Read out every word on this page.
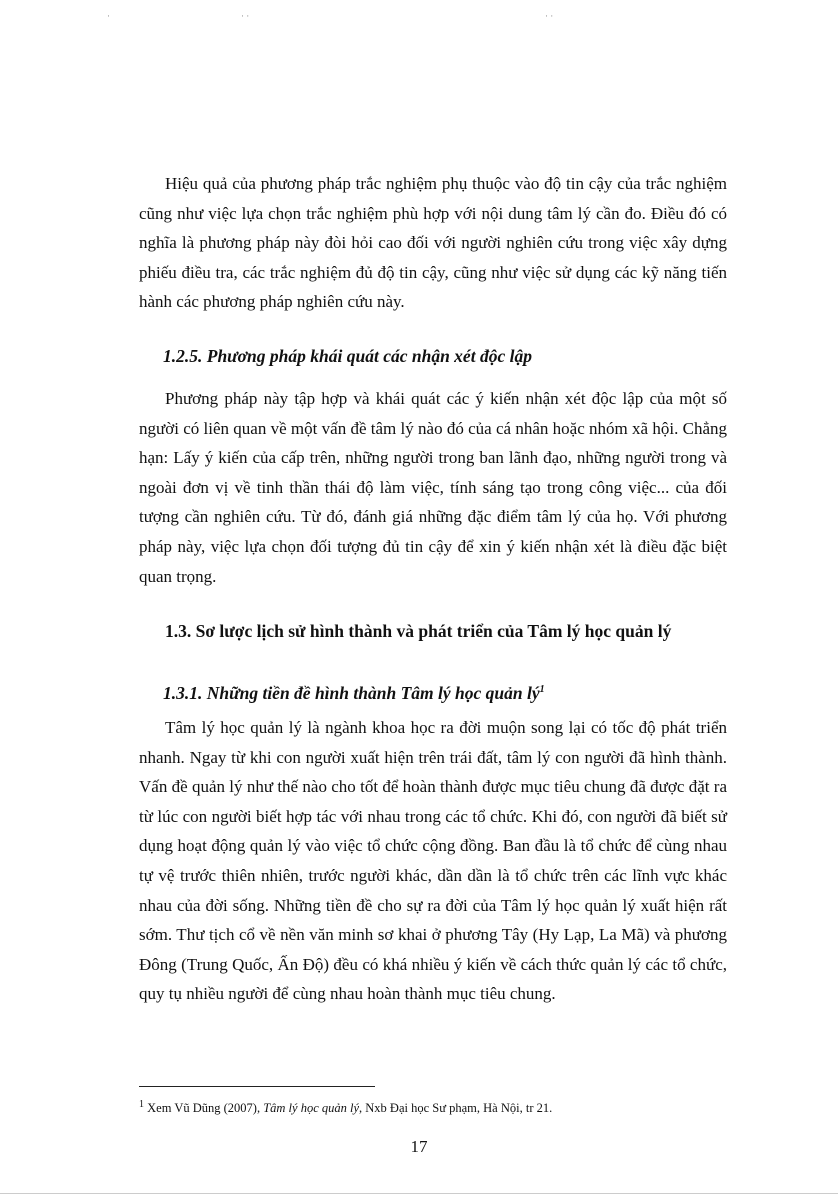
·	· ·	· ·

Hiệu quả của phương pháp trắc nghiệm phụ thuộc vào độ tin cậy của trắc nghiệm cũng như việc lựa chọn trắc nghiệm phù hợp với nội dung tâm lý cần đo. Điều đó có nghĩa là phương pháp này đòi hỏi cao đối với người nghiên cứu trong việc xây dựng phiếu điều tra, các trắc nghiệm đủ độ tin cậy, cũng như việc sử dụng các kỹ năng tiến hành các phương pháp nghiên cứu này.

1.2.5. Phương pháp khái quát các nhận xét độc lập

Phương pháp này tập hợp và khái quát các ý kiến nhận xét độc lập của một số người có liên quan về một vấn đề tâm lý nào đó của cá nhân hoặc nhóm xã hội. Chẳng hạn: Lấy ý kiến của cấp trên, những người trong ban lãnh đạo, những người trong và ngoài đơn vị về tinh thần thái độ làm việc, tính sáng tạo trong công việc... của đối tượng cần nghiên cứu. Từ đó, đánh giá những đặc điểm tâm lý của họ. Với phương pháp này, việc lựa chọn đối tượng đủ tin cậy để xin ý kiến nhận xét là điều đặc biệt quan trọng.

1.3. Sơ lược lịch sử hình thành và phát triển của Tâm lý học quản lý

1.3.1. Những tiền đề hình thành Tâm lý học quản $lý^1$

Tâm lý học quản lý là ngành khoa học ra đời muộn song lại có tốc độ phát triển nhanh. Ngay từ khi con người xuất hiện trên trái đất, tâm lý con người đã hình thành. Vấn đề quản lý như thế nào cho tốt để hoàn thành được mục tiêu chung đã được đặt ra từ lúc con người biết hợp tác với nhau trong các tổ chức. Khi đó, con người đã biết sử dụng hoạt động quản lý vào việc tổ chức cộng đồng. Ban đầu là tổ chức để cùng nhau tự vệ trước thiên nhiên, trước người khác, dần dần là tổ chức trên các lĩnh vực khác nhau của đời sống. Những tiền đề cho sự ra đời của Tâm lý học quản lý xuất hiện rất sớm. Thư tịch cổ về nền văn minh sơ khai ở phương Tây (Hy Lạp, La Mã) và phương Đông (Trung Quốc, Ấn Độ) đều có khá nhiều ý kiến về cách thức quản lý các tổ chức, quy tụ nhiều người để cùng nhau hoàn thành mục tiêu chung.

$^1$ Xem Vũ Dũng (2007), Tâm lý học quản lý, Nxb Đại học Sư phạm, Hà Nội, tr 21.

17
